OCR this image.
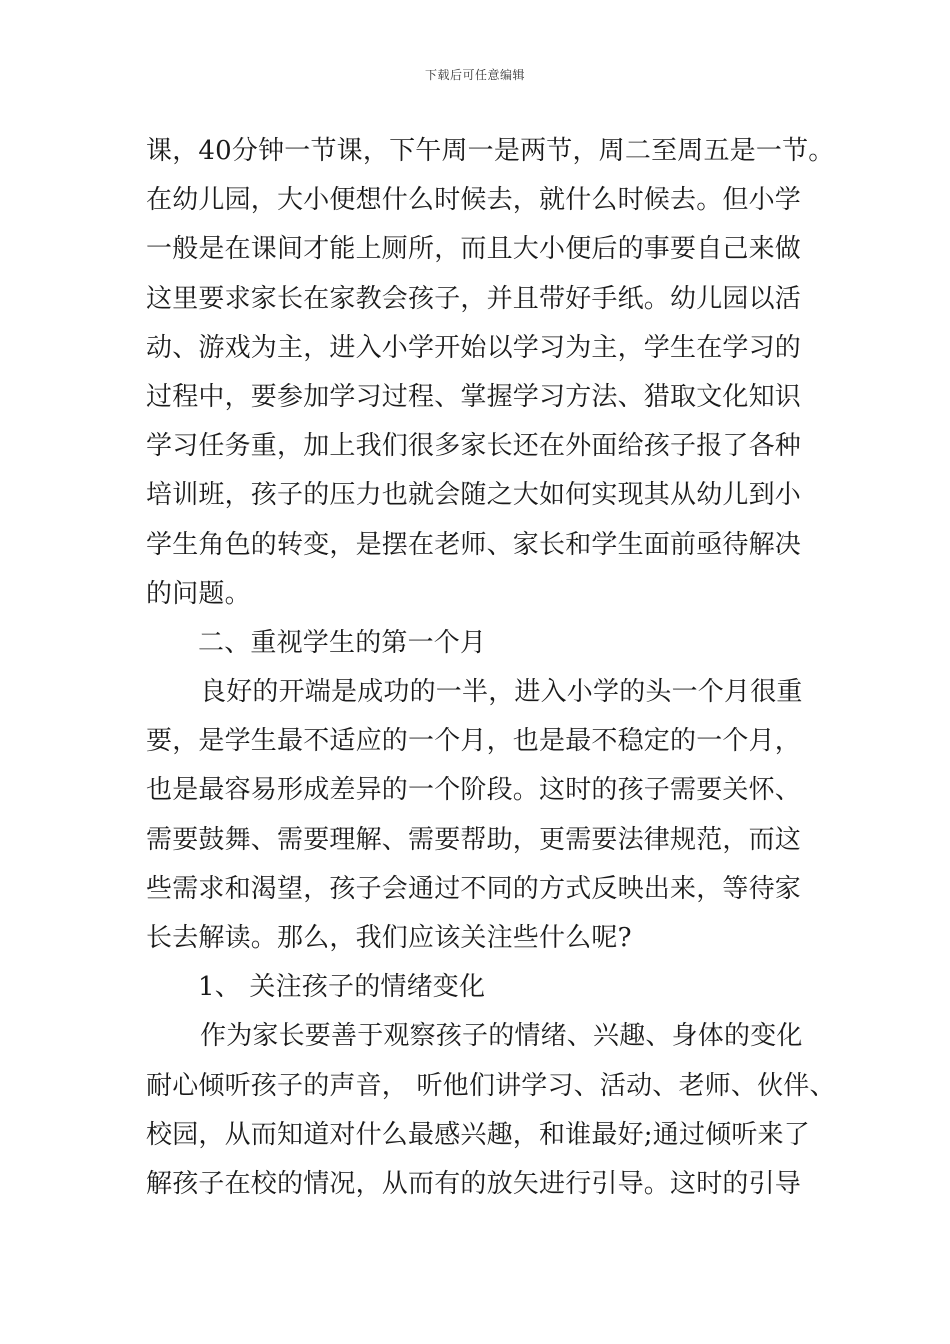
下载后可任意编辑
课，40分钟一节课，下午周一是两节，周二至周五是一节。
在幼儿园，大小便想什么时候去，就什么时候去。但小学
一般是在课间才能上厕所，而且大小便后的事要自己来做
这里要求家长在家教会孩子，并且带好手纸。幼儿园以活
动、游戏为主，进入小学开始以学习为主，学生在学习的
过程中，要参加学习过程、掌握学习方法、猎取文化知识
学习任务重，加上我们很多家长还在外面给孩子报了各种
培训班，孩子的压力也就会随之大如何实现其从幼儿到小
学生角色的转变，是摆在老师、家长和学生面前亟待解决
的问题。
二、重视学生的第一个月
良好的开端是成功的一半，进入小学的头一个月很重
要，是学生最不适应的一个月，也是最不稳定的一个月，
也是最容易形成差异的一个阶段。这时的孩子需要关怀、
需要鼓舞、需要理解、需要帮助，更需要法律规范，而这
些需求和渴望，孩子会通过不同的方式反映出来，等待家
长去解读。那么，我们应该关注些什么呢?
1、 关注孩子的情绪变化
作为家长要善于观察孩子的情绪、兴趣、身体的变化
耐心倾听孩子的声音， 听他们讲学习、活动、老师、伙伴、
校园，从而知道对什么最感兴趣，和谁最好;通过倾听来了
解孩子在校的情况，从而有的放矢进行引导。这时的引导
